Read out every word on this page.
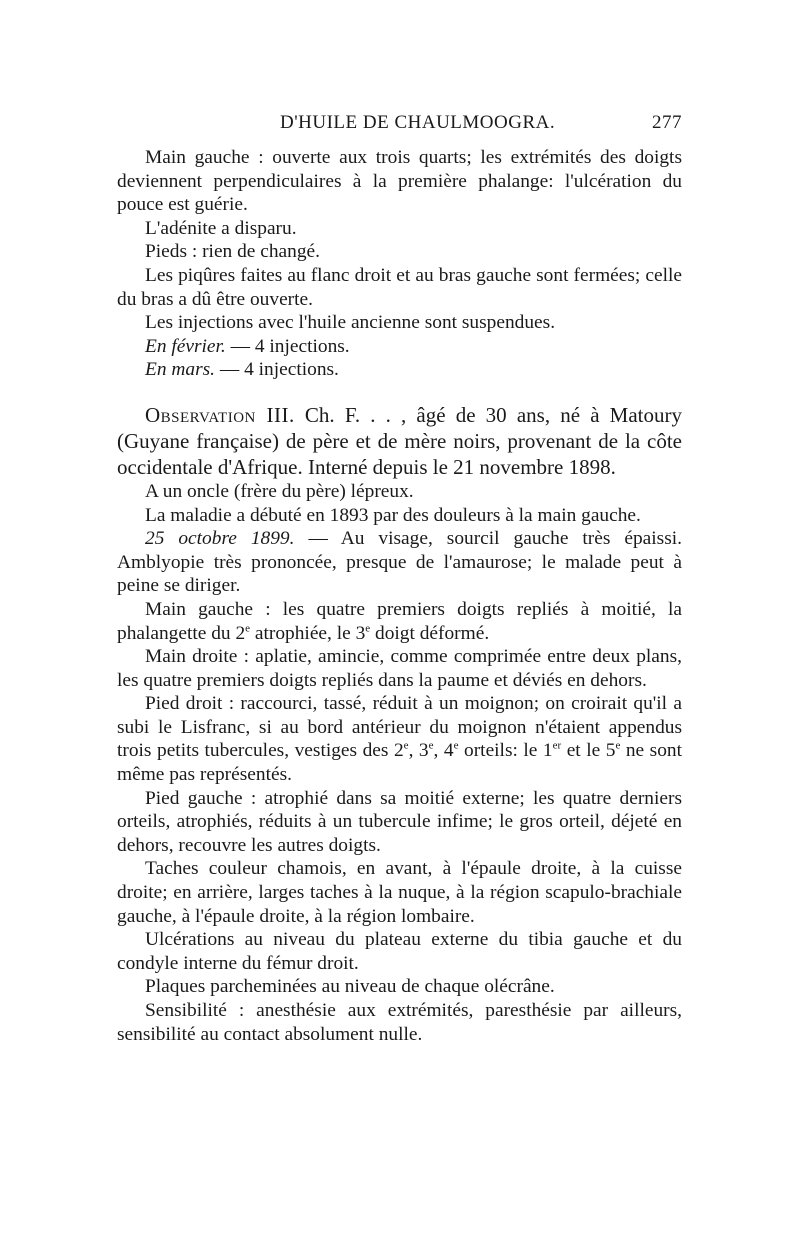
D'HUILE DE CHAULMOOGRA.	277

Main gauche : ouverte aux trois quarts; les extrémités des doigts deviennent perpendiculaires à la première phalange: l'ulcération du pouce est guérie.

L'adénite a disparu.

Pieds : rien de changé.

Les piqûres faites au flanc droit et au bras gauche sont fermées; celle du bras a dû être ouverte.

Les injections avec l'huile ancienne sont suspendues.

En février. — 4 injections.

En mars. — 4 injections.

Observation III. Ch. F. . . , âgé de 30 ans, né à Matoury (Guyane française) de père et de mère noirs, provenant de la côte occidentale d'Afrique. Interné depuis le 21 novembre 1898.

A un oncle (frère du père) lépreux.

La maladie a débuté en 1893 par des douleurs à la main gauche.

25 octobre 1899. — Au visage, sourcil gauche très épaissi. Amblyopie très prononcée, presque de l'amaurose; le malade peut à peine se diriger.

Main gauche : les quatre premiers doigts repliés à moitié, la phalangette du 2e atrophiée, le 3e doigt déformé.

Main droite : aplatie, amincie, comme comprimée entre deux plans, les quatre premiers doigts repliés dans la paume et déviés en dehors.

Pied droit : raccourci, tassé, réduit à un moignon; on croirait qu'il a subi le Lisfranc, si au bord antérieur du moignon n'étaient appendus trois petits tubercules, vestiges des 2e, 3e, 4e orteils: le 1er et le 5e ne sont même pas représentés.

Pied gauche : atrophié dans sa moitié externe; les quatre derniers orteils, atrophiés, réduits à un tubercule infime; le gros orteil, déjeté en dehors, recouvre les autres doigts.

Taches couleur chamois, en avant, à l'épaule droite, à la cuisse droite; en arrière, larges taches à la nuque, à la région scapulo-brachiale gauche, à l'épaule droite, à la région lombaire.

Ulcérations au niveau du plateau externe du tibia gauche et du condyle interne du fémur droit.

Plaques parcheminées au niveau de chaque olécrâne.

Sensibilité : anesthésie aux extrémités, paresthésie par ailleurs, sensibilité au contact absolument nulle.
